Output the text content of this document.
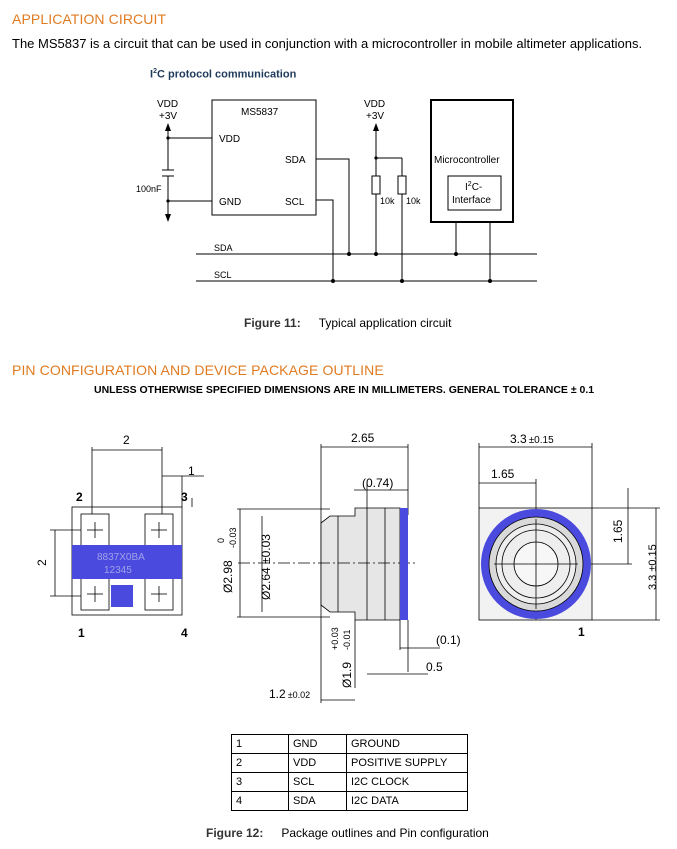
APPLICATION CIRCUIT
The MS5837 is a circuit that can be used in conjunction with a microcontroller in mobile altimeter applications.
$I^2C$ protocol communication
VDD
+3V
100nF
MS5837
VDD
GND
SDA
SCL
VDD
+3V
10k 10k
Microcontroller
$I^2C-$
Interface
SDA
SCL
Figure 11: Typical application circuit
PIN CONFIGURATION AND DEVICE PACKAGE OUTLINE
UNLESS OTHERWISE SPECIFIED DIMENSIONS ARE IN MILLIMETERS. GENERAL TOLERANCE ± 0.1
2
1
2	3
1	4
2	8837X0BA
12345
2.65
(0.74)
Ø2.98
0 -0.03 Ø2.64 ±0.03
Ø1.9
+0.03 -0.01	(0.1)
0.5
1.2 ±0.02
3.3 ±0.15
1.65
1.65
3.3 ±0.15
1
1	GND	GROUND
2	VDD	POSITIVE SUPPLY
3	SCL	I2C CLOCK
4	SDA	I2C DATA
Figure 12: Package outlines and Pin configuration
